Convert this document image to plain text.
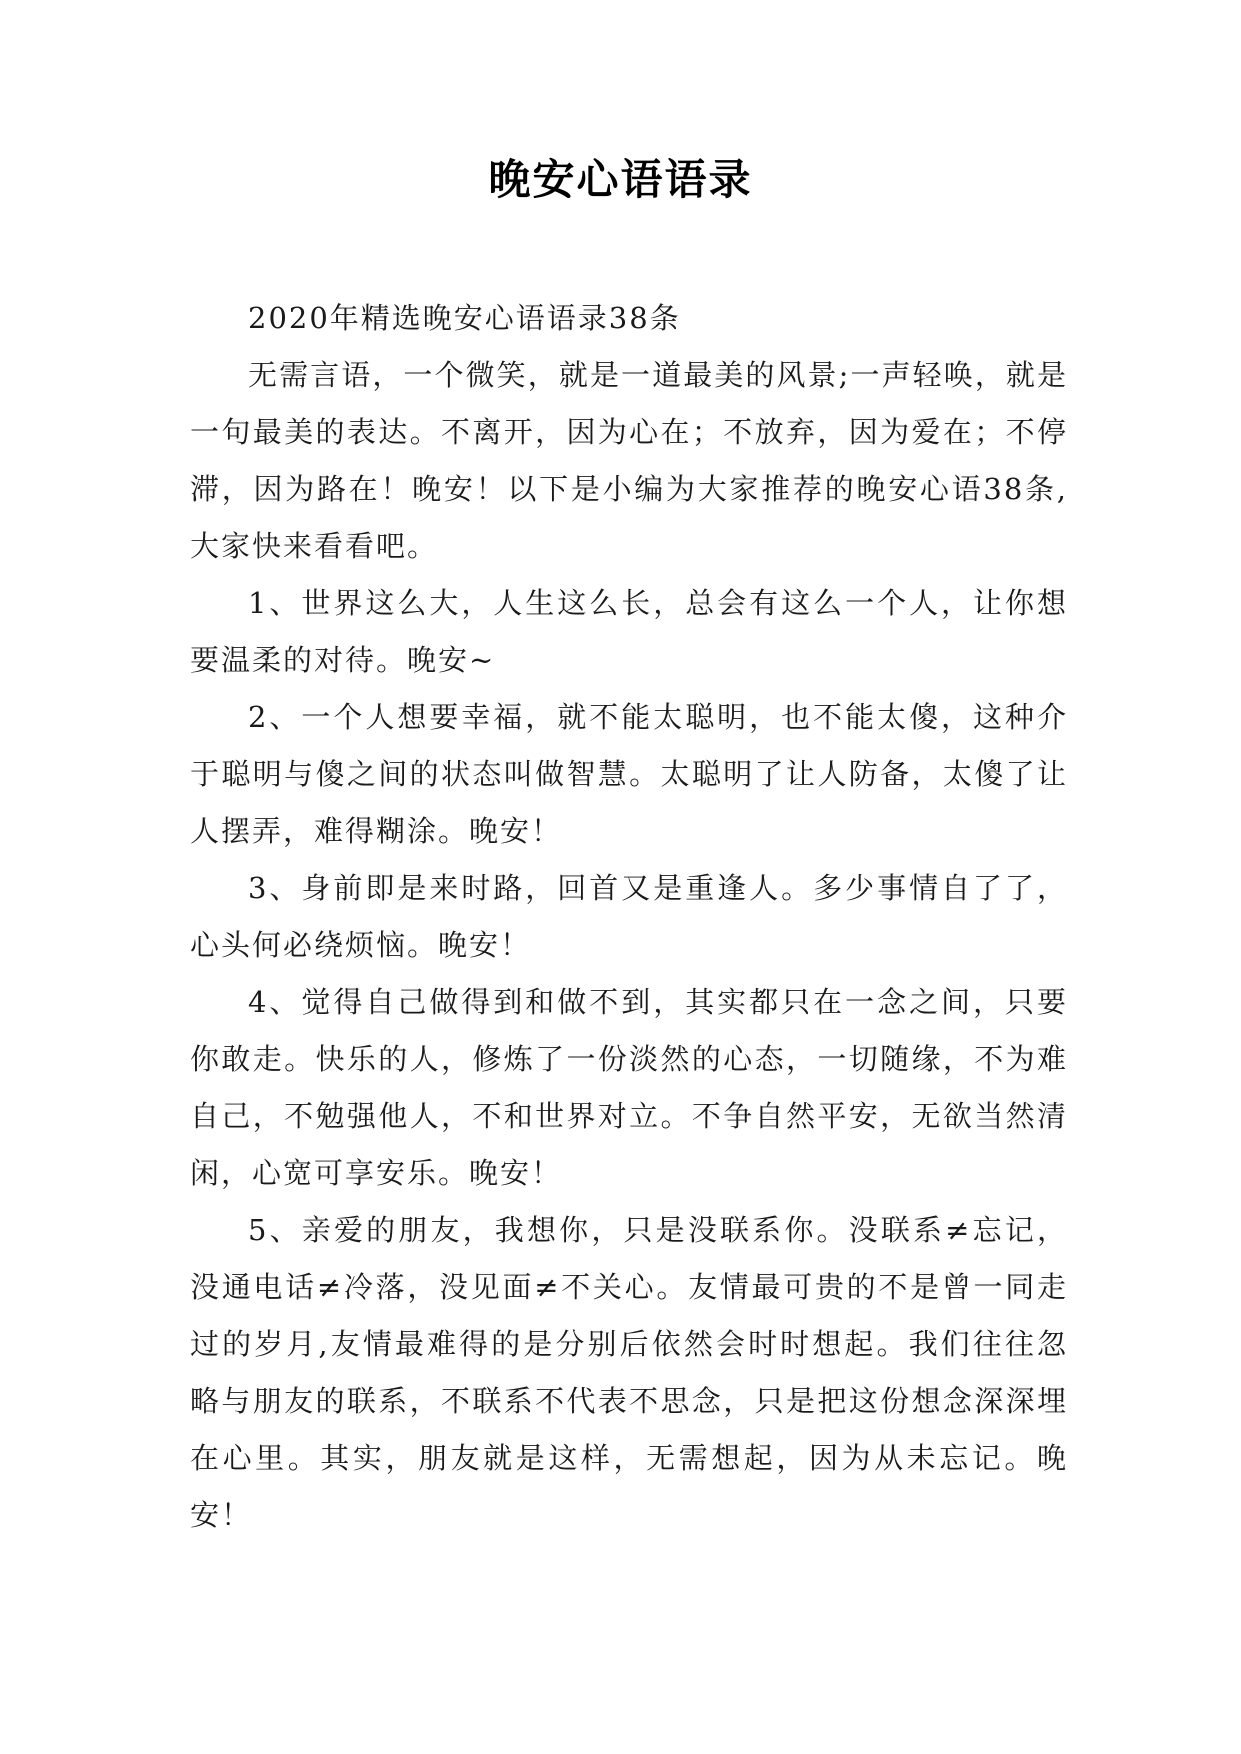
晚安心语语录

2020年精选晚安心语语录38条

无需言语，一个微笑，就是一道最美的风景;一声轻唤，就是一句最美的表达。不离开，因为心在；不放弃，因为爱在；不停滞，因为路在！晚安！以下是小编为大家推荐的晚安心语38条,大家快来看看吧。

1、世界这么大，人生这么长，总会有这么一个人，让你想要温柔的对待。晚安~

2、一个人想要幸福，就不能太聪明，也不能太傻，这种介于聪明与傻之间的状态叫做智慧。太聪明了让人防备，太傻了让人摆弄，难得糊涂。晚安！

3、身前即是来时路，回首又是重逢人。多少事情自了了，心头何必绕烦恼。晚安！

4、觉得自己做得到和做不到，其实都只在一念之间，只要你敢走。快乐的人，修炼了一份淡然的心态，一切随缘，不为难自己，不勉强他人，不和世界对立。不争自然平安，无欲当然清闲，心宽可享安乐。晚安！

5、亲爱的朋友，我想你，只是没联系你。没联系≠忘记，没通电话≠冷落，没见面≠不关心。友情最可贵的不是曾一同走过的岁月,友情最难得的是分别后依然会时时想起。我们往往忽略与朋友的联系，不联系不代表不思念，只是把这份想念深深埋在心里。其实，朋友就是这样，无需想起，因为从未忘记。晚安！
